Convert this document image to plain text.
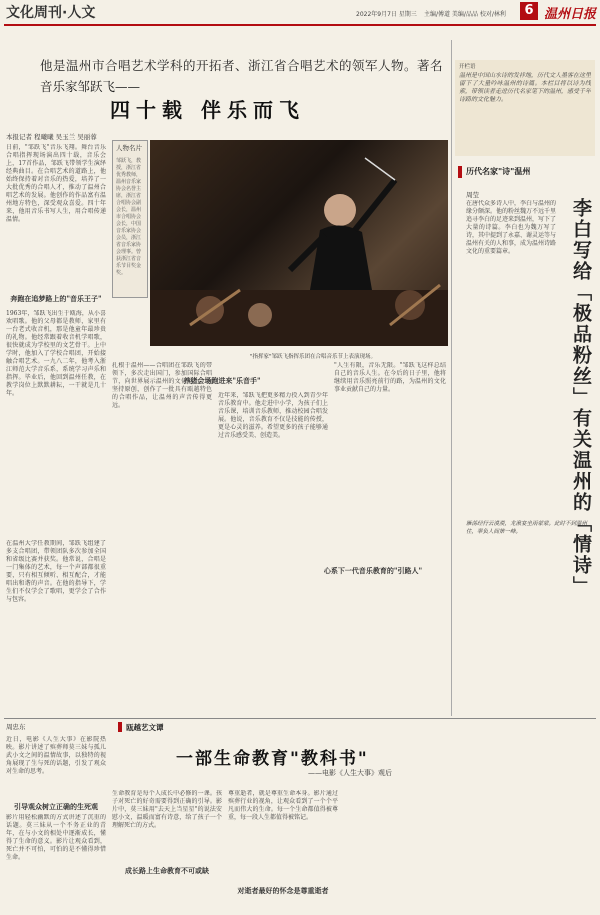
文化周刊·人文	2022年9月7日 星期三 主编/傅道 美编/品品 校对/林利	6 温州日报
他是温州市合唱艺术学科的开拓者、浙江省合唱艺术的领军人物。著名
音乐家邹跃飞——
四十载 伴乐而飞
本报记者 程曦曦 吴玉兰 吴丽蓉
日前，"邹跃飞"音乐飞翔。舞台音乐合唱指挥现场演出四十载，音乐会上，17首作品，邹跃飞带领学生演绎经典曲目。在合唱艺术的道路上，他始终保持着对音乐的热爱，培养了一大批优秀的合唱人才，推动了温州合唱艺术的发展。他创作的作品富有温州地方特色，深受观众喜爱。四十年来，他用音乐书写人生，用合唱传递温情。
奔跑在追梦路上的"音乐王子"
1963年，邹跃飞出生于瓯海，从小喜欢唱歌。他的父母都是教师，家里有一台老式收音机，那是他童年最珍贵的礼物。他经常跟着收音机学唱歌，很快就成为学校里的文艺骨干。上中学时，他加入了学校合唱团，开始接触合唱艺术。一九八二年，他考入浙江师范大学音乐系，系统学习声乐和指挥。毕业后，他回到温州任教，在教学岗位上默默耕耘，一干就是几十年。
在温州大学任教期间，邹跃飞组建了多支合唱团，带领团队多次参加全国和省级比赛并获奖。他常说，合唱是一门集体的艺术，每一个声部都很重要，只有相互倾听、相互配合，才能唱出和谐的声音。在他的指导下，学生们不仅学会了歌唱，更学会了合作与包容。
人物名片
邹跃飞，教授，浙江省优秀教师，温州音乐家协会名誉主席，浙江省合唱协会副会长，温州市合唱协会会长，中国音乐家协会会员，浙江省音乐家协会理事。曾获浙江省音乐节目奖金奖。
"指挥家"邹跃飞指挥乐团在合唱音乐节上表演现场。
养猪会场跑进来"乐音手"
扎根于温州——合唱团在邹跃飞的带领下，多次走出国门，参加国际合唱节，向世界展示温州的文化魅力。他坚持原创，创作了一批具有瓯越特色的合唱作品，让温州的声音传得更远。
近年来，邹跃飞把更多精力投入到青少年音乐教育中。他走进中小学，为孩子们上音乐课，培训音乐教师，推动校园合唱发展。他说，音乐教育不仅是技能的传授，更是心灵的滋养。希望更多的孩子能够通过音乐感受美、创造美。
心系下一代音乐教育的"引路人"
"人生有限，音乐无限。"邹跃飞这样总结自己的音乐人生。在今后的日子里，他将继续用音乐照亮前行的路，为温州的文化事业贡献自己的力量。
开栏语
温州是中国山水诗的发祥地，历代文人墨客在这里留下了大量吟咏温州的诗篇。本栏目将以诗为线索，带领读者走进历代名家笔下的温州，感受千年诗路的文化魅力。
历代名家"诗"温州
周莹
李白写给「极品粉丝」有关温州的「情诗」
在唐代众多诗人中，李白与温州的缘分颇深。他的粉丝魏万不远千里追寻李白的足迹来到温州，写下了大量的诗篇。李白也为魏万写了诗，其中提到了永嘉、谢灵运等与温州有关的人和事，成为温州诗路文化的重要篇章。
雁荡经行云漠漠，龙湫宴坐雨蒙蒙。此时不到温州住，辜负人间第一峰。
周忠东	瓯越艺文谭
一部生命教育"教科书"
——电影《人生大事》观后
近日，电影《人生大事》在影院热映。影片讲述了殡葬师莫三妹与孤儿武小文之间的温情故事，以独特的视角展现了生与死的话题，引发了观众对生命的思考。
引导观众树立正确的生死观
影片用轻松幽默的方式讲述了沉重的话题。莫三妹从一个不务正业的青年，在与小文的相处中逐渐成长，懂得了生命的意义。影片让观众看到，死亡并不可怕，可怕的是不懂得珍惜生命。
生命教育是每个人成长中必修的一课。孩子对死亡的好奇需要得到正确的引导。影片中，莫三妹用"去天上当星星"的说法安慰小文，温暖而富有诗意，给了孩子一个理解死亡的方式。
成长路上生命教育不可或缺
尊重逝者，就是尊重生命本身。影片通过殡葬行业的视角，让观众看到了一个个平凡而伟大的生命。每一个生命都值得被尊重，每一段人生都值得被铭记。
对逝者最好的怀念是尊重逝者
